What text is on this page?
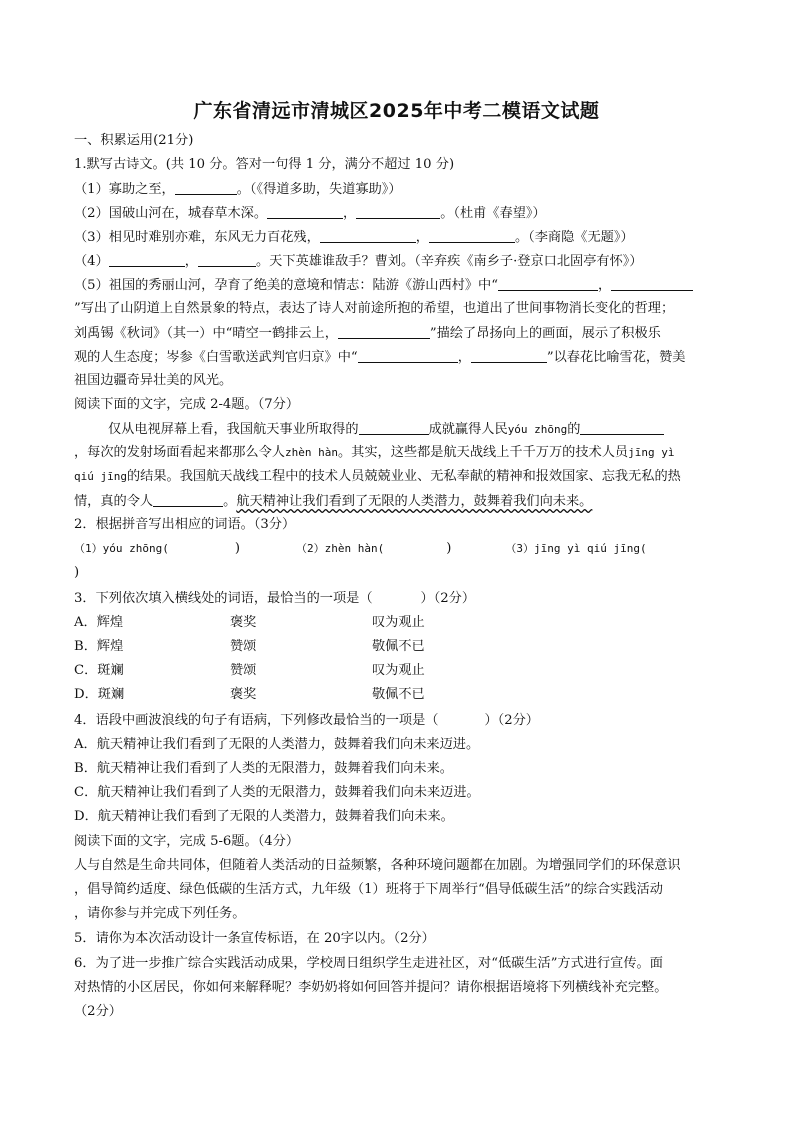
广东省清远市清城区2025年中考二模语文试题
一、积累运用(21分)
1.默写古诗文。(共 10 分。答对一句得 1 分，满分不超过 10 分)
（1）寡助之至，	。（《得道多助，失道寡助》）
（2）国破山河在，城春草木深。	，	。（杜甫《春望》）
（3）相见时难别亦难，东风无力百花残，	，	。（李商隐《无题》）
（4）	，	。天下英雄谁敌手？曹刘。（辛弃疾《南乡子·登京口北固亭有怀》）
（5）祖国的秀丽山河，孕育了绝美的意境和情志：陆游《游山西村》中“	，
”写出了山阴道上自然景象的特点，表达了诗人对前途所抱的希望，也道出了世间事物消长变化的哲理；
刘禹锡《秋词》（其一）中“晴空一鹤排云上，	”描绘了昂扬向上的画面，展示了积极乐
观的人生态度；岑参《白雪歌送武判官归京》中“	，	”以春花比喻雪花，赞美
祖国边疆奇异壮美的风光。
阅读下面的文字，完成 2-4题。（7分）
仅从电视屏幕上看，我国航天事业所取得的	成就赢得人民yóu zhōng的
，每次的发射场面看起来都那么令人zhèn hàn。其实，这些都是航天战线上千千万万的技术人员jīng yì
qiú jīng的结果。我国航天战线工程中的技术人员兢兢业业、无私奉献的精神和报效国家、忘我无私的热
情，真的令人	。航天精神让我们看到了无限的人类潜力，鼓舞着我们向未来。
2．根据拼音写出相应的词语。（3分）
（1）yóu zhōng(	)	（2）zhèn hàn(	)	（3）jīng yì qiú jīng(
)
3．下列依次填入横线处的词语，最恰当的一项是（	）（2分）
A．辉煌	褒奖	叹为观止
B．辉煌	赞颂	敬佩不已
C．斑斓	赞颂	叹为观止
D．斑斓	褒奖	敬佩不已
4．语段中画波浪线的句子有语病，下列修改最恰当的一项是（	）（2分）
A．航天精神让我们看到了无限的人类潜力，鼓舞着我们向未来迈进。
B．航天精神让我们看到了人类的无限潜力，鼓舞着我们向未来。
C．航天精神让我们看到了人类的无限潜力，鼓舞着我们向未来迈进。
D．航天精神让我们看到了无限的人类潜力，鼓舞着我们向未来。
阅读下面的文字，完成 5-6题。（4分）
人与自然是生命共同体，但随着人类活动的日益频繁，各种环境问题都在加剧。为增强同学们的环保意识
，倡导简约适度、绿色低碳的生活方式，九年级（1）班将于下周举行“倡导低碳生活”的综合实践活动
，请你参与并完成下列任务。
5．请你为本次活动设计一条宣传标语，在 20字以内。（2分）
6．为了进一步推广综合实践活动成果，学校周日组织学生走进社区，对“低碳生活”方式进行宣传。面
对热情的小区居民，你如何来解释呢？李奶奶将如何回答并提问？请你根据语境将下列横线补充完整。
（2分）
